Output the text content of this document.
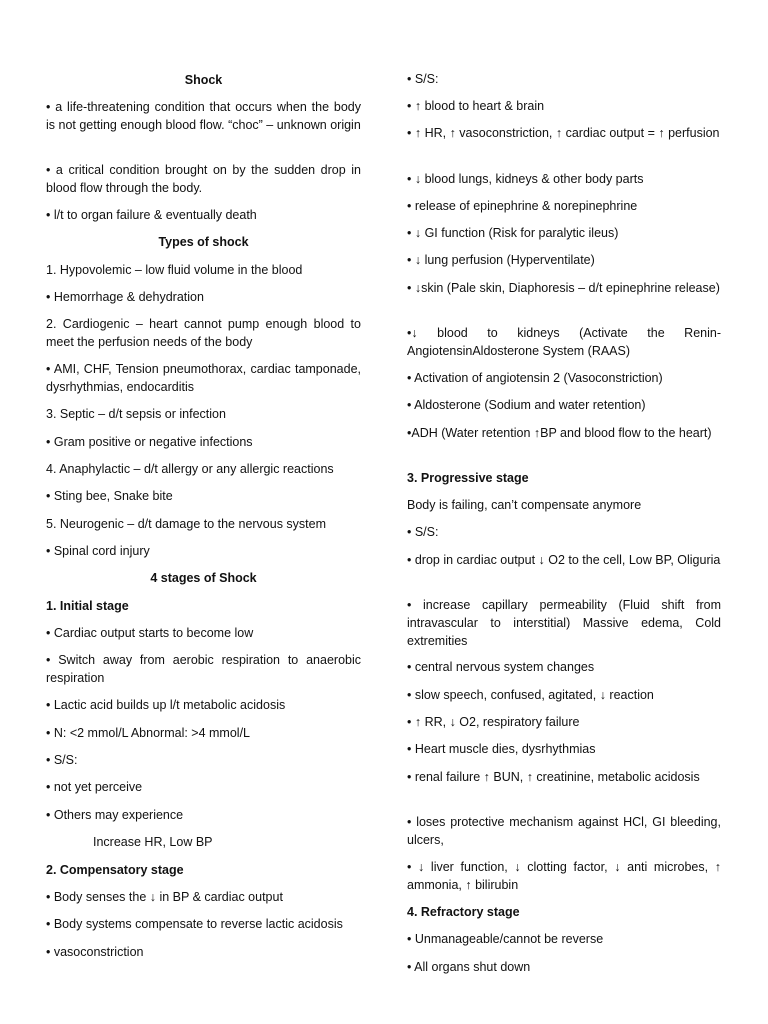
Shock
• a life-threatening condition that occurs when the body is not getting enough blood flow. “choc” – unknown origin
• a critical condition brought on by the sudden drop in blood flow through the body.
• l/t to organ failure & eventually death
Types of shock
1. Hypovolemic – low fluid volume in the blood
• Hemorrhage & dehydration
2. Cardiogenic – heart cannot pump enough blood to meet the perfusion needs of the body
• AMI, CHF, Tension pneumothorax, cardiac tamponade, dysrhythmias, endocarditis
3. Septic – d/t sepsis or infection
• Gram positive or negative infections
4. Anaphylactic – d/t allergy or any allergic reactions
• Sting bee, Snake bite
5. Neurogenic – d/t damage to the nervous system
• Spinal cord injury
4 stages of Shock
1. Initial stage
• Cardiac output starts to become low
• Switch away from aerobic respiration to anaerobic respiration
• Lactic acid builds up l/t metabolic acidosis
• N: <2 mmol/L Abnormal: >4 mmol/L
• S/S:
• not yet perceive
• Others may experience
Increase HR, Low BP
2. Compensatory stage
• Body senses the ↓ in BP & cardiac output
• Body systems compensate to reverse lactic acidosis
• vasoconstriction
• S/S:
• ↑ blood to heart & brain
• ↑ HR, ↑ vasoconstriction, ↑ cardiac output = ↑ perfusion
• ↓ blood lungs, kidneys & other body parts
• release of epinephrine & norepinephrine
• ↓ GI function (Risk for paralytic ileus)
• ↓ lung perfusion (Hyperventilate)
• ↓skin (Pale skin, Diaphoresis – d/t epinephrine release)
•↓ blood to kidneys (Activate the Renin-AngiotensinAldosterone System (RAAS)
• Activation of angiotensin 2 (Vasoconstriction)
• Aldosterone (Sodium and water retention)
•ADH (Water retention ↑BP and blood flow to the heart)
3. Progressive stage
Body is failing, can’t compensate anymore
• S/S:
• drop in cardiac output ↓ O2 to the cell, Low BP, Oliguria
• increase capillary permeability (Fluid shift from intravascular to interstitial) Massive edema, Cold extremities
• central nervous system changes
• slow speech, confused, agitated, ↓ reaction
• ↑ RR, ↓ O2, respiratory failure
• Heart muscle dies, dysrhythmias
• renal failure ↑ BUN, ↑ creatinine, metabolic acidosis
• loses protective mechanism against HCl, GI bleeding, ulcers,
• ↓ liver function, ↓ clotting factor, ↓ anti microbes, ↑ ammonia, ↑ bilirubin
4. Refractory stage
• Unmanageable/cannot be reverse
• All organs shut down
